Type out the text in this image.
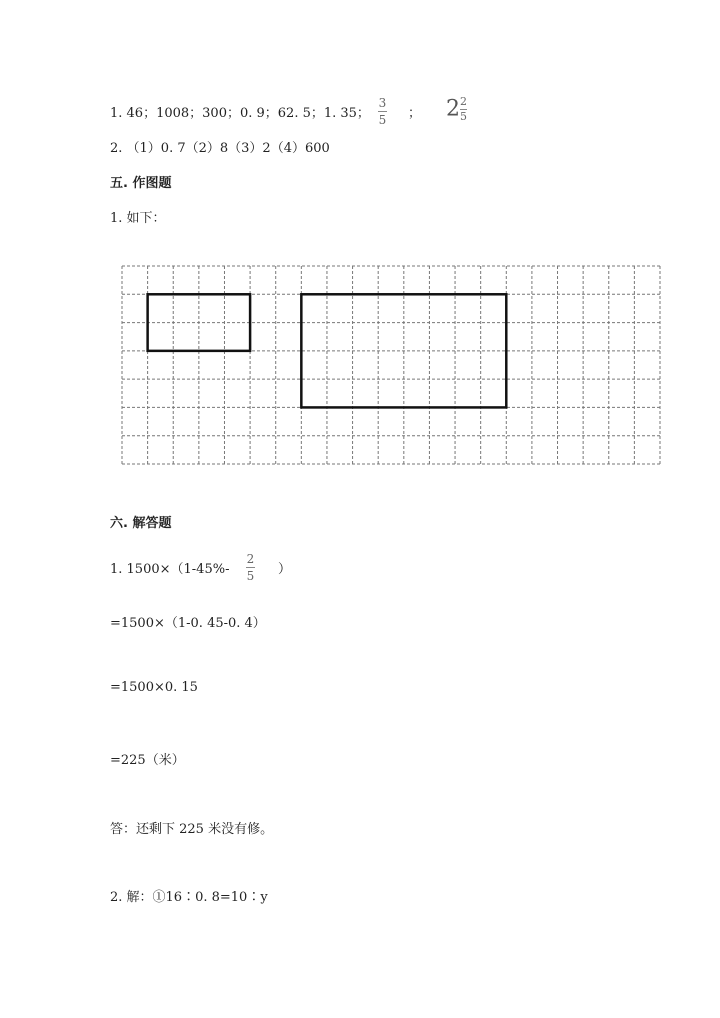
1. 46；1008；300；0. 9；62. 5；1. 35；
3
5 ； $2 \frac{2}{5}$
2. （1）0. 7（2）8（3）2（4）600
五. 作图题
1. 如下：
六. 解答题
1. 1500×（1-45%-
2
5 ）
=1500×（1-0. 45-0. 4）
=1500×0. 15
=225（米）
答：还剩下 225 米没有修。
2. 解：①16∶0. 8=10∶y
